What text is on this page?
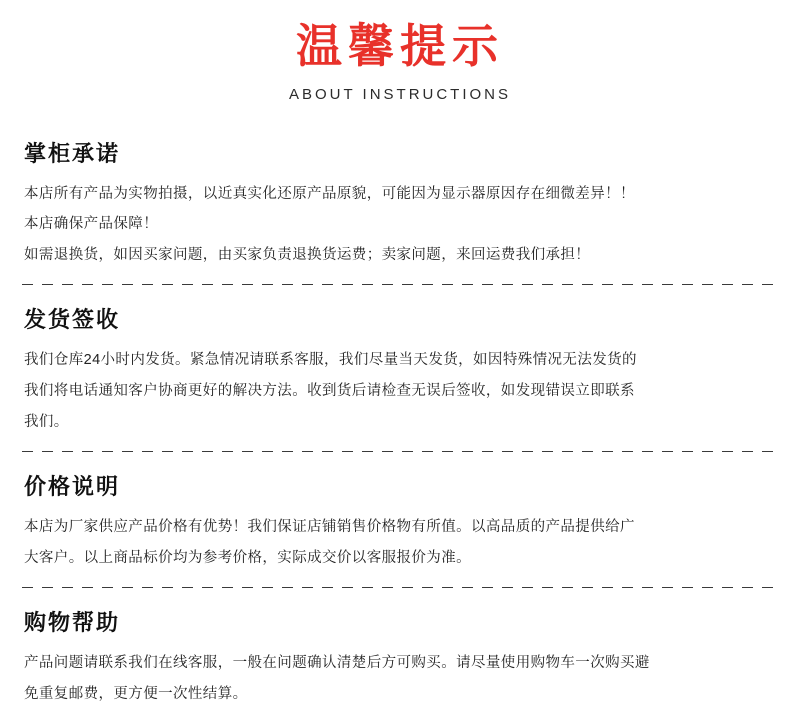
温馨提示
ABOUT INSTRUCTIONS
掌柜承诺

本店所有产品为实物拍摄，以近真实化还原产品原貌，可能因为显示器原因存在细微差异！！

本店确保产品保障！

如需退换货，如因买家问题，由买家负责退换货运费；卖家问题，来回运费我们承担！

发货签收

我们仓库24小时内发货。紧急情况请联系客服，我们尽量当天发货，如因特殊情况无法发货的

我们将电话通知客户协商更好的解决方法。收到货后请检查无误后签收，如发现错误立即联系

我们。

价格说明

本店为厂家供应产品价格有优势！我们保证店铺销售价格物有所值。以高品质的产品提供给广

大客户。以上商品标价均为参考价格，实际成交价以客服报价为准。

购物帮助

产品问题请联系我们在线客服，一般在问题确认清楚后方可购买。请尽量使用购物车一次购买避

免重复邮费，更方便一次性结算。
